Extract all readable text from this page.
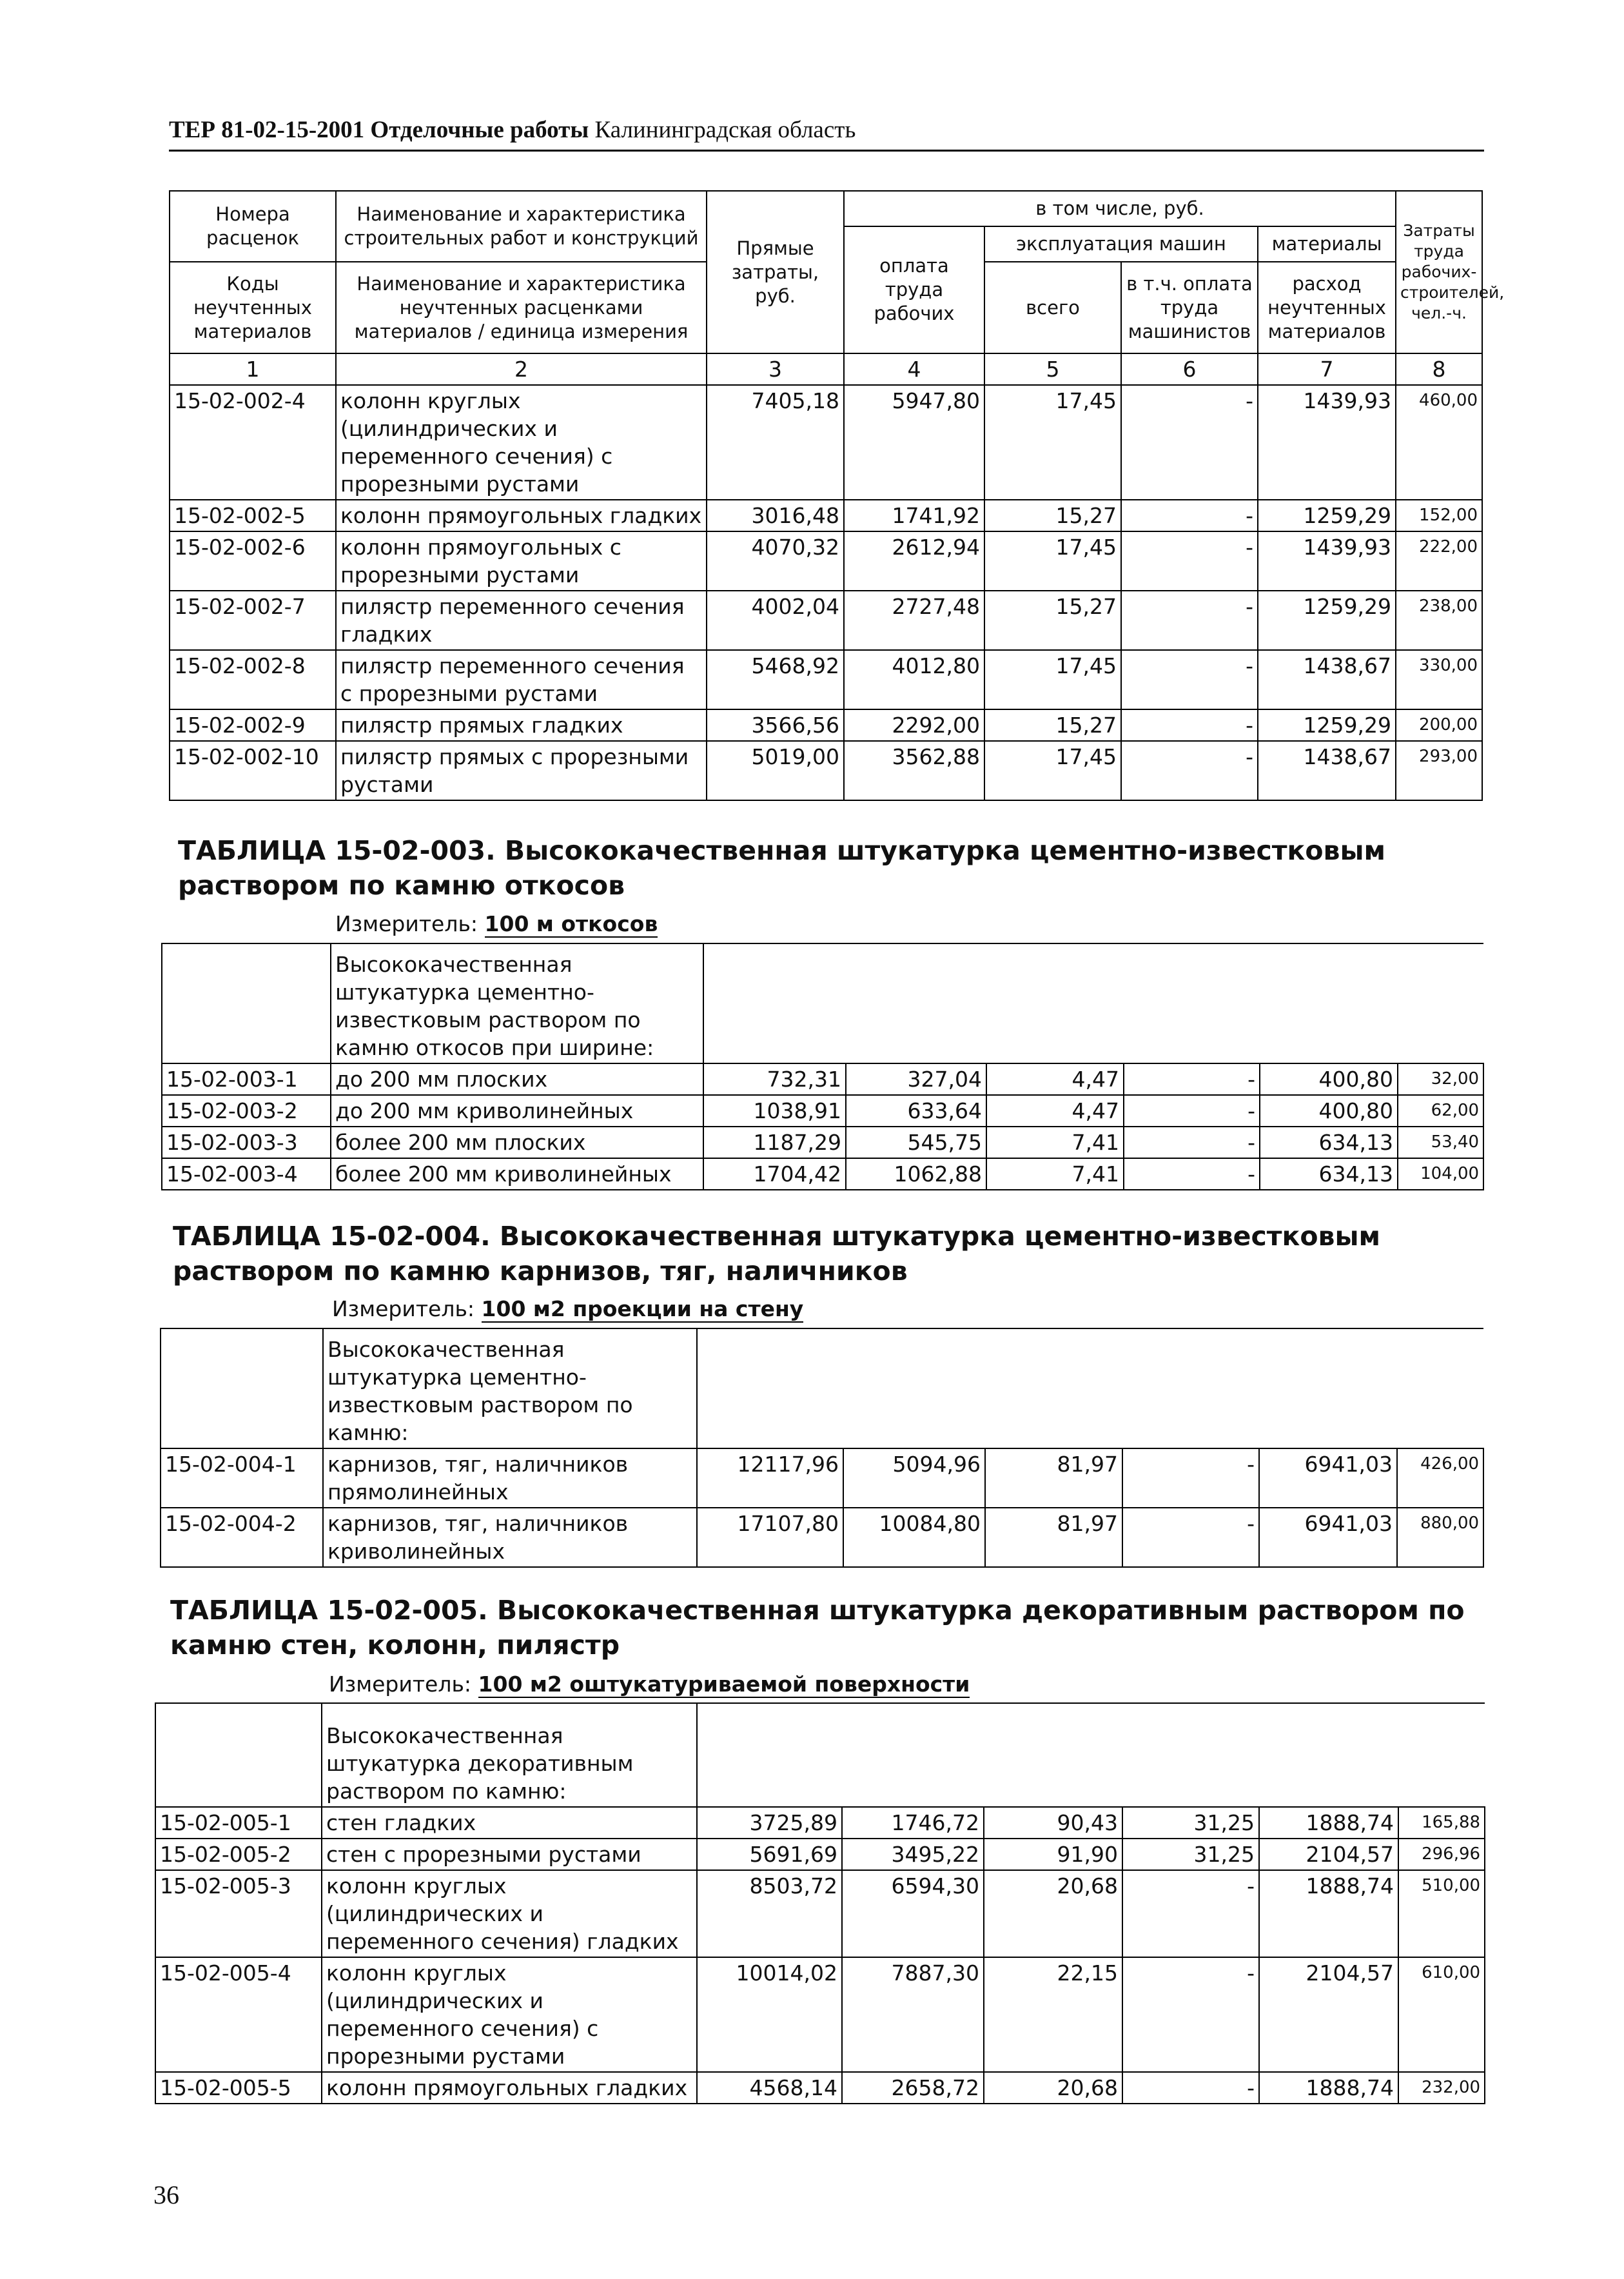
ТЕР 81-02-15-2001 Отделочные работы Калининградская область
Номера расценок	Наименование и характеристика строительных работ и конструкций	Прямые затраты, руб.	в том числе, руб.				Затраты труда рабочих-строителей, чел.-ч.
			оплата труда рабочих	эксплуатация машин		материалы	
Коды неучтенных материалов	Наименование и характеристика неучтенных расценками материалов / единица измерения			всего	в т.ч. оплата труда машинистов	расход неучтенных материалов	

1	2	3	4	5	6	7	8
15-02-002-4	колонн круглых (цилиндрических и переменного сечения) с прорезными рустами	7405,18	5947,80	17,45	-	1439,93	460,00
15-02-002-5	колонн прямоугольных гладких	3016,48	1741,92	15,27	-	1259,29	152,00
15-02-002-6	колонн прямоугольных с прорезными рустами	4070,32	2612,94	17,45	-	1439,93	222,00
15-02-002-7	пилястр переменного сечения гладких	4002,04	2727,48	15,27	-	1259,29	238,00
15-02-002-8	пилястр переменного сечения с прорезными рустами	5468,92	4012,80	17,45	-	1438,67	330,00
15-02-002-9	пилястр прямых гладких	3566,56	2292,00	15,27	-	1259,29	200,00
15-02-002-10	пилястр прямых с прорезными рустами	5019,00	3562,88	17,45	-	1438,67	293,00
ТАБЛИЦА 15-02-003. Высококачественная штукатурка цементно-известковым раствором по камню откосов
Измеритель: 100 м откосов
	Высококачественная штукатурка цементно-известковым раствором по камню откосов при ширине:						
15-02-003-1	до 200 мм плоских	732,31	327,04	4,47	-	400,80	32,00
15-02-003-2	до 200 мм криволинейных	1038,91	633,64	4,47	-	400,80	62,00
15-02-003-3	более 200 мм плоских	1187,29	545,75	7,41	-	634,13	53,40
15-02-003-4	более 200 мм криволинейных	1704,42	1062,88	7,41	-	634,13	104,00
ТАБЛИЦА 15-02-004. Высококачественная штукатурка цементно-известковым раствором по камню карнизов, тяг, наличников
Измеритель: 100 м2 проекции на стену
	Высококачественная штукатурка цементно-известковым раствором по камню:						
15-02-004-1	карнизов, тяг, наличников прямолинейных	12117,96	5094,96	81,97	-	6941,03	426,00
15-02-004-2	карнизов, тяг, наличников криволинейных	17107,80	10084,80	81,97	-	6941,03	880,00
ТАБЛИЦА 15-02-005. Высококачественная штукатурка декоративным раствором по камню стен, колонн, пилястр
Измеритель: 100 м2 оштукатуриваемой поверхности
	Высококачественная штукатурка декоративным раствором по камню:						
15-02-005-1	стен гладких	3725,89	1746,72	90,43	31,25	1888,74	165,88
15-02-005-2	стен с прорезными рустами	5691,69	3495,22	91,90	31,25	2104,57	296,96
15-02-005-3	колонн круглых (цилиндрических и переменного сечения) гладких	8503,72	6594,30	20,68	-	1888,74	510,00
15-02-005-4	колонн круглых (цилиндрических и переменного сечения) с прорезными рустами	10014,02	7887,30	22,15	-	2104,57	610,00
15-02-005-5	колонн прямоугольных гладких	4568,14	2658,72	20,68	-	1888,74	232,00
36
